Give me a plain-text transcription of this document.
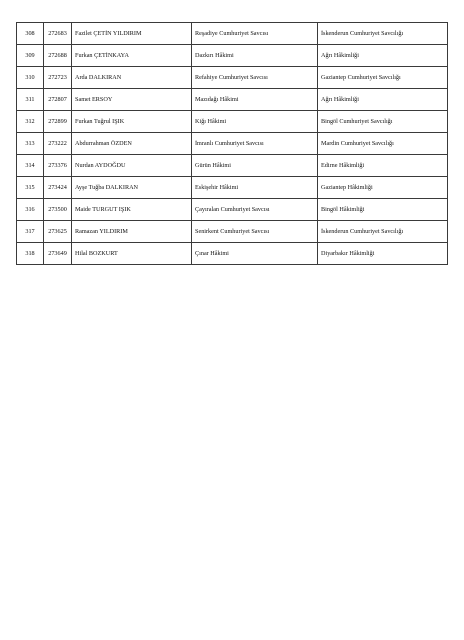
308	272683	Fazilet ÇETİN YILDIRIM	Reşadiye Cumhuriyet Savcısı	İskenderun Cumhuriyet Savcılığı
309	272688	Furkan ÇETİNKAYA	Dazkırı Hâkimi	Ağrı Hâkimliği
310	272723	Arda DALKIRAN	Refahiye Cumhuriyet Savcısı	Gaziantep Cumhuriyet Savcılığı
311	272807	Samet ERSOY	Mazıdağı Hâkimi	Ağrı Hâkimliği
312	272899	Furkan Tuğrul IŞIK	Kiğı Hâkimi	Bingöl Cumhuriyet Savcılığı
313	273222	Abdurrahman ÖZDEN	İmranlı Cumhuriyet Savcısı	Mardin Cumhuriyet Savcılığı
314	273376	Nurdan AYDOĞDU	Gürün Hâkimi	Edirne Hâkimliği
315	273424	Ayşe Tuğba DALKIRAN	Eskişehir Hâkimi	Gaziantep Hâkimliği
316	273500	Maide TURGUT IŞIK	Çayıralan Cumhuriyet Savcısı	Bingöl Hâkimliği
317	273625	Ramazan YILDIRIM	Senirkent Cumhuriyet Savcısı	İskenderun Cumhuriyet Savcılığı
318	273649	Hilal BOZKURT	Çınar Hâkimi	Diyarbakır Hâkimliği
